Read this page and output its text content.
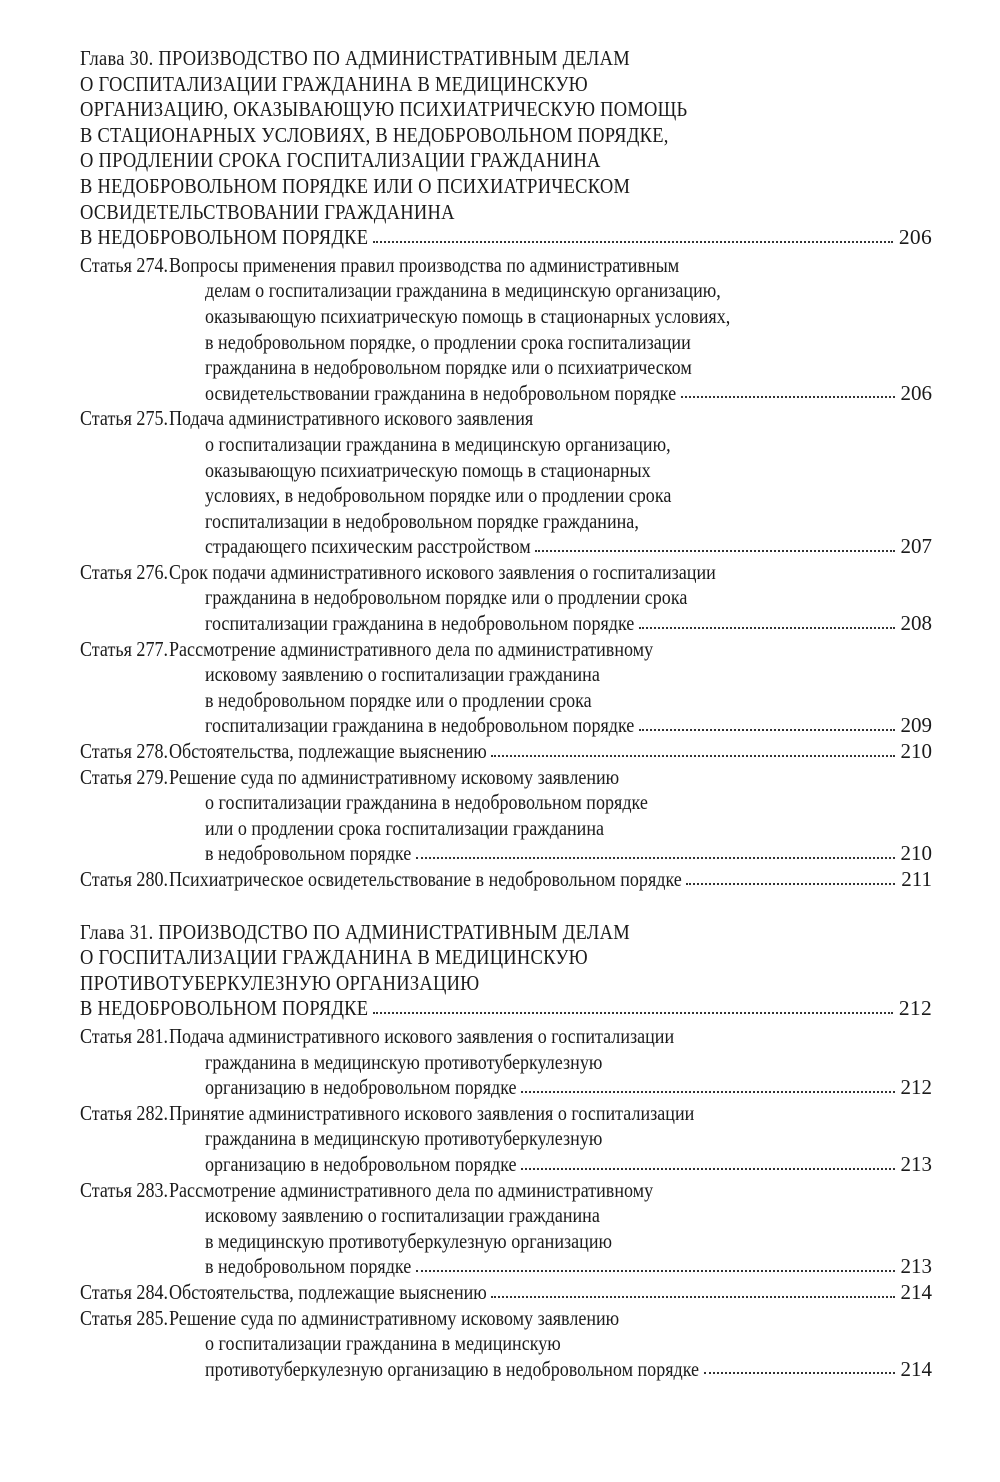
Глава 30. ПРОИЗВОДСТВО ПО АДМИНИСТРАТИВНЫМ ДЕЛАМ
О ГОСПИТАЛИЗАЦИИ ГРАЖДАНИНА В МЕДИЦИНСКУЮ
ОРГАНИЗАЦИЮ, ОКАЗЫВАЮЩУЮ ПСИХИАТРИЧЕСКУЮ ПОМОЩЬ
В СТАЦИОНАРНЫХ УСЛОВИЯХ, В НЕДОБРОВОЛЬНОМ ПОРЯДКЕ,
О ПРОДЛЕНИИ СРОКА ГОСПИТАЛИЗАЦИИ ГРАЖДАНИНА
В НЕДОБРОВОЛЬНОМ ПОРЯДКЕ ИЛИ О ПСИХИАТРИЧЕСКОМ
ОСВИДЕТЕЛЬСТВОВАНИИ ГРАЖДАНИНА
В НЕДОБРОВОЛЬНОМ ПОРЯДКЕ	206
Статья 274. Вопросы применения правил производства по административным
делам о госпитализации гражданина в медицинскую организацию,
оказывающую психиатрическую помощь в стационарных условиях,
в недобровольном порядке, о продлении срока госпитализации
гражданина в недобровольном порядке или о психиатрическом
освидетельствовании гражданина в недобровольном порядке	206
Статья 275. Подача административного искового заявления
о госпитализации гражданина в медицинскую организацию,
оказывающую психиатрическую помощь в стационарных
условиях, в недобровольном порядке или о продлении срока
госпитализации в недобровольном порядке гражданина,
страдающего психическим расстройством	207
Статья 276. Срок подачи административного искового заявления о госпитализации
гражданина в недобровольном порядке или о продлении срока
госпитализации гражданина в недобровольном порядке	208
Статья 277. Рассмотрение административного дела по административному
исковому заявлению о госпитализации гражданина
в недобровольном порядке или о продлении срока
госпитализации гражданина в недобровольном порядке	209
Статья 278. Обстоятельства, подлежащие выяснению	210
Статья 279. Решение суда по административному исковому заявлению
о госпитализации гражданина в недобровольном порядке
или о продлении срока госпитализации гражданина
в недобровольном порядке	210
Статья 280. Психиатрическое освидетельствование в недобровольном порядке	211
Глава 31. ПРОИЗВОДСТВО ПО АДМИНИСТРАТИВНЫМ ДЕЛАМ
О ГОСПИТАЛИЗАЦИИ ГРАЖДАНИНА В МЕДИЦИНСКУЮ
ПРОТИВОТУБЕРКУЛЕЗНУЮ ОРГАНИЗАЦИЮ
В НЕДОБРОВОЛЬНОМ ПОРЯДКЕ	212
Статья 281. Подача административного искового заявления о госпитализации
гражданина в медицинскую противотуберкулезную
организацию в недобровольном порядке	212
Статья 282. Принятие административного искового заявления о госпитализации
гражданина в медицинскую противотуберкулезную
организацию в недобровольном порядке	213
Статья 283. Рассмотрение административного дела по административному
исковому заявлению о госпитализации гражданина
в медицинскую противотуберкулезную организацию
в недобровольном порядке	213
Статья 284. Обстоятельства, подлежащие выяснению	214
Статья 285. Решение суда по административному исковому заявлению
о госпитализации гражданина в медицинскую
противотуберкулезную организацию в недобровольном порядке	214
